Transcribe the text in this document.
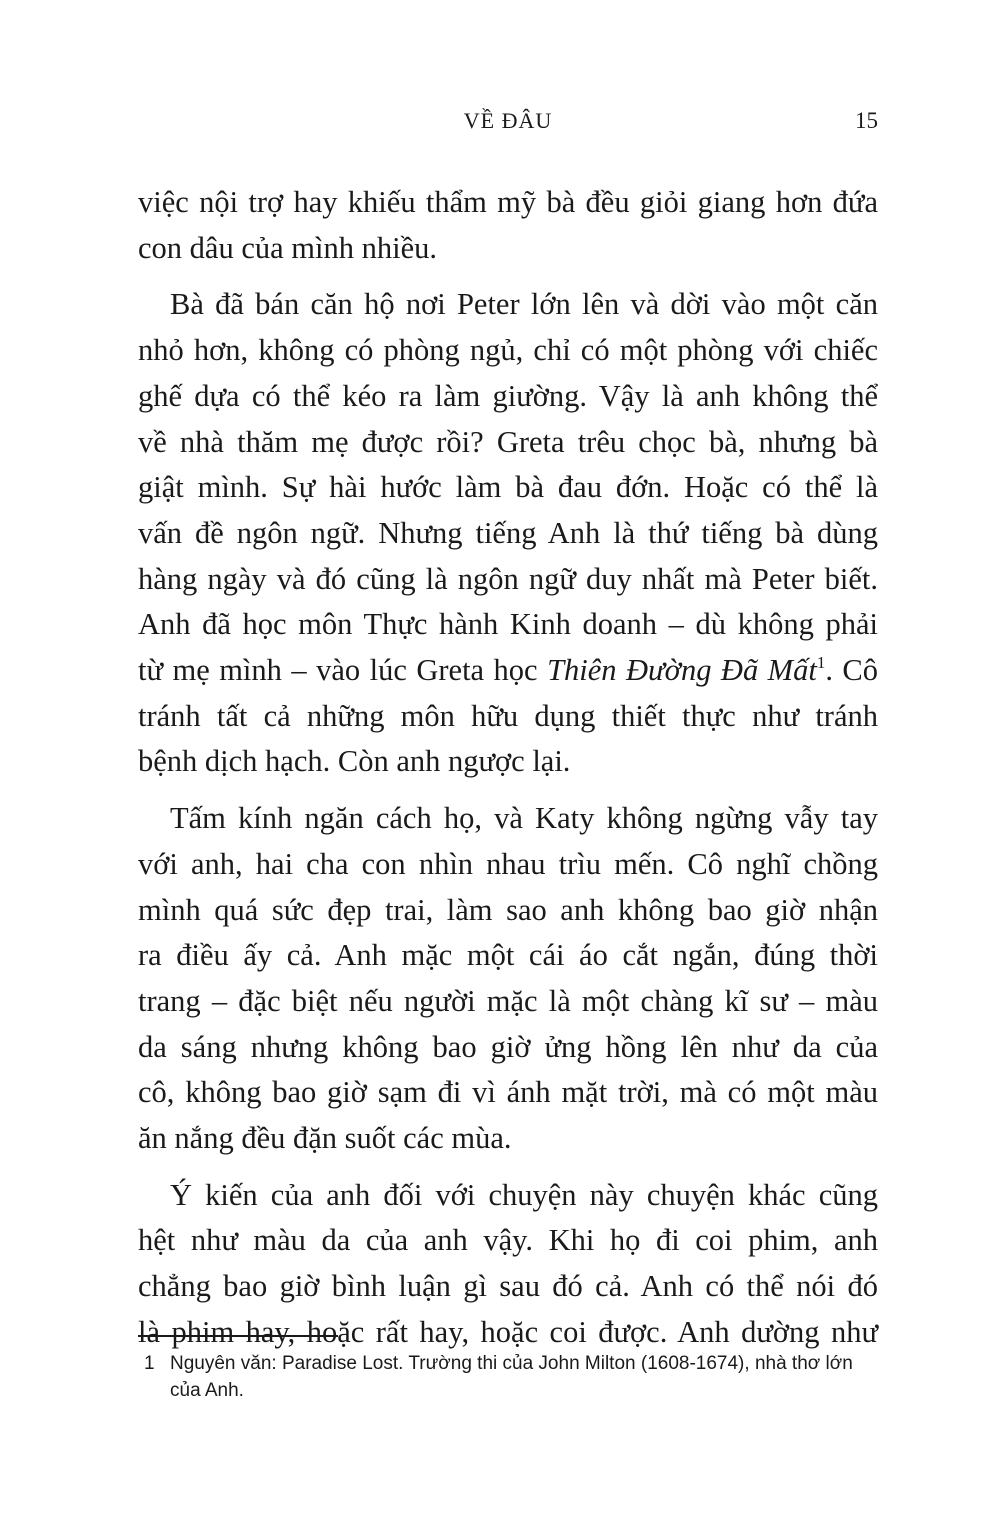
VỀ ĐÂU	15
việc nội trợ hay khiếu thẩm mỹ bà đều giỏi giang hơn đứa
con dâu của mình nhiều.
Bà đã bán căn hộ nơi Peter lớn lên và dời vào một căn
nhỏ hơn, không có phòng ngủ, chỉ có một phòng với chiếc
ghế dựa có thể kéo ra làm giường. Vậy là anh không thể
về nhà thăm mẹ được rồi? Greta trêu chọc bà, nhưng bà
giật mình. Sự hài hước làm bà đau đớn. Hoặc có thể là
vấn đề ngôn ngữ. Nhưng tiếng Anh là thứ tiếng bà dùng
hàng ngày và đó cũng là ngôn ngữ duy nhất mà Peter biết.
Anh đã học môn Thực hành Kinh doanh – dù không phải
từ mẹ mình – vào lúc Greta học Thiên Đường Đã Mất$^1$. Cô
tránh tất cả những môn hữu dụng thiết thực như tránh
bệnh dịch hạch. Còn anh ngược lại.
Tấm kính ngăn cách họ, và Katy không ngừng vẫy tay
với anh, hai cha con nhìn nhau trìu mến. Cô nghĩ chồng
mình quá sức đẹp trai, làm sao anh không bao giờ nhận
ra điều ấy cả. Anh mặc một cái áo cắt ngắn, đúng thời
trang – đặc biệt nếu người mặc là một chàng kĩ sư – màu
da sáng nhưng không bao giờ ửng hồng lên như da của
cô, không bao giờ sạm đi vì ánh mặt trời, mà có một màu
ăn nắng đều đặn suốt các mùa.
Ý kiến của anh đối với chuyện này chuyện khác cũng
hệt như màu da của anh vậy. Khi họ đi coi phim, anh
chẳng bao giờ bình luận gì sau đó cả. Anh có thể nói đó
là phim hay, hoặc rất hay, hoặc coi được. Anh dường như
1 Nguyên văn: Paradise Lost. Trường thi của John Milton (1608-1674), nhà thơ lớn của Anh.
